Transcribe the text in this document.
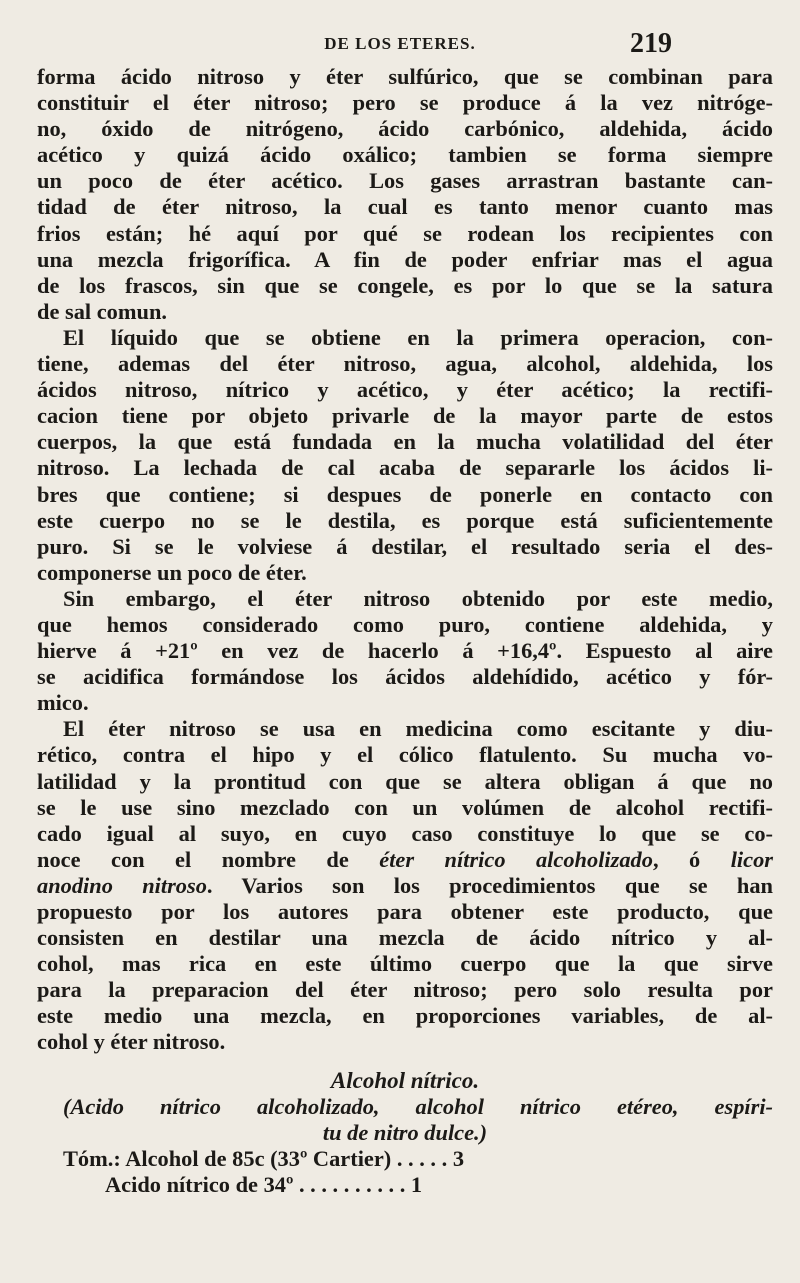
DE LOS ETERES.	219
forma ácido nitroso y éter sulfúrico, que se combinan para
constituir el éter nitroso; pero se produce á la vez nitróge-
no, óxido de nitrógeno, ácido carbónico, aldehida, ácido
acético y quizá ácido oxálico; tambien se forma siempre
un poco de éter acético. Los gases arrastran bastante can-
tidad de éter nitroso, la cual es tanto menor cuanto mas
frios están; hé aquí por qué se rodean los recipientes con
una mezcla frigorífica. A fin de poder enfriar mas el agua
de los frascos, sin que se congele, es por lo que se la satura
de sal comun.
El líquido que se obtiene en la primera operacion, con-
tiene, ademas del éter nitroso, agua, alcohol, aldehida, los
ácidos nitroso, nítrico y acético, y éter acético; la rectifi-
cacion tiene por objeto privarle de la mayor parte de estos
cuerpos, la que está fundada en la mucha volatilidad del éter
nitroso. La lechada de cal acaba de separarle los ácidos li-
bres que contiene; si despues de ponerle en contacto con
este cuerpo no se le destila, es porque está suficientemente
puro. Si se le volviese á destilar, el resultado seria el des-
componerse un poco de éter.
Sin embargo, el éter nitroso obtenido por este medio,
que hemos considerado como puro, contiene aldehida, y
hierve á +21º en vez de hacerlo á +16,4º. Espuesto al aire
se acidifica formándose los ácidos aldehídido, acético y fór-
mico.
El éter nitroso se usa en medicina como escitante y diu-
rético, contra el hipo y el cólico flatulento. Su mucha vo-
latilidad y la prontitud con que se altera obligan á que no
se le use sino mezclado con un volúmen de alcohol rectifi-
cado igual al suyo, en cuyo caso constituye lo que se co-
noce con el nombre de éter nítrico alcoholizado, ó licor
anodino nitroso. Varios son los procedimientos que se han
propuesto por los autores para obtener este producto, que
consisten en destilar una mezcla de ácido nítrico y al-
cohol, mas rica en este último cuerpo que la que sirve
para la preparacion del éter nitroso; pero solo resulta por
este medio una mezcla, en proporciones variables, de al-
cohol y éter nitroso.
Alcohol nítrico.
(Acido nítrico alcoholizado, alcohol nítrico etéreo, espíri-
tu de nitro dulce.)
Tóm.: Alcohol de 85c (33º Cartier) . . . . . 3
Acido nítrico de 34º . . . . . . . . . . 1
